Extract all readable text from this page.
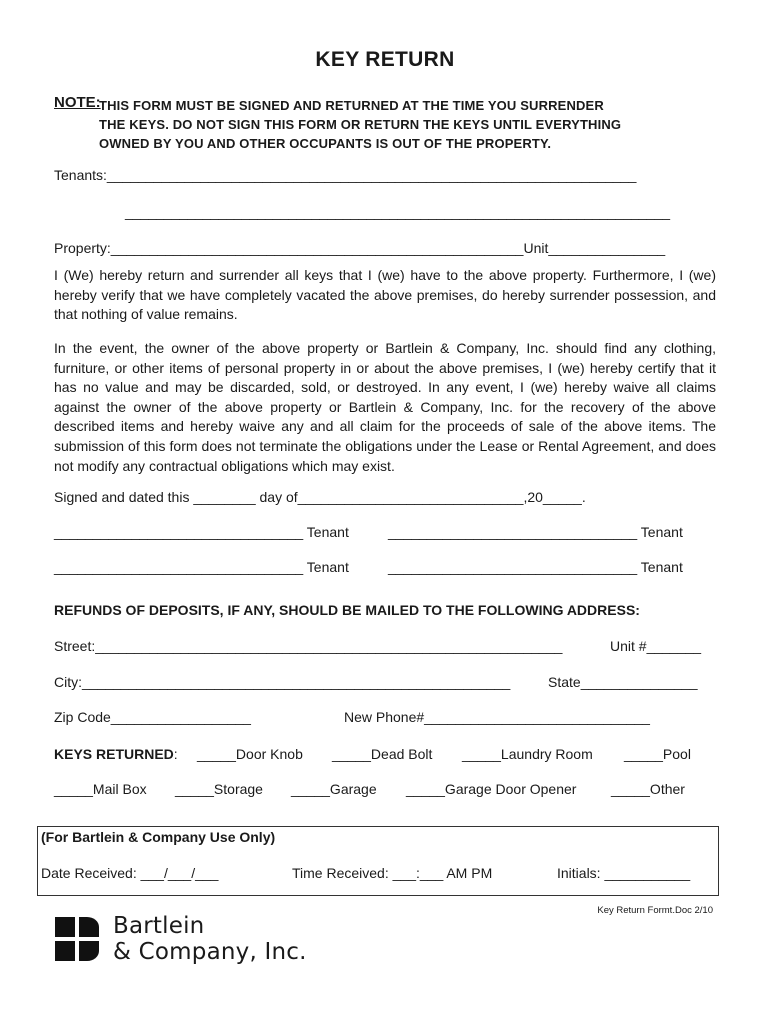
KEY RETURN
NOTE:
THIS FORM MUST BE SIGNED AND RETURNED AT THE TIME YOU SURRENDER
THE KEYS. DO NOT SIGN THIS FORM OR RETURN THE KEYS UNTIL EVERYTHING
OWNED BY YOU AND OTHER OCCUPANTS IS OUT OF THE PROPERTY.
Tenants:____________________________________________________________________
______________________________________________________________________
Property:_____________________________________________________Unit_______________
I (We) hereby return and surrender all keys that I (we) have to the above property. Furthermore, I (we) hereby verify that we have completely vacated the above premises, do hereby surrender possession, and that nothing of value remains.
In the event, the owner of the above property or Bartlein & Company, Inc. should find any clothing, furniture, or other items of personal property in or about the above premises, I (we) hereby certify that it has no value and may be discarded, sold, or destroyed. In any event, I (we) hereby waive all claims against the owner of the above property or Bartlein & Company, Inc. for the recovery of the above described items and hereby waive any and all claim for the proceeds of sale of the above items. The submission of this form does not terminate the obligations under the Lease or Rental Agreement, and does not modify any contractual obligations which may exist.
Signed and dated this ________ day of_____________________________,20_____.
________________________________ Tenant	________________________________ Tenant
________________________________ Tenant	________________________________ Tenant
REFUNDS OF DEPOSITS, IF ANY, SHOULD BE MAILED TO THE FOLLOWING ADDRESS:
Street:____________________________________________________________	Unit #_______
City:_______________________________________________________	State_______________
Zip Code__________________	New Phone#_____________________________
KEYS RETURNED: _____Door Knob _____Dead Bolt _____Laundry Room _____Pool
_____Mail Box _____Storage _____Garage _____Garage Door Opener _____Other
(For Bartlein & Company Use Only)
Date Received: ___/___/___	Time Received: ___:___ AM PM	Initials: ___________
Key Return Formt.Doc 2/10
Bartlein
& Company, Inc.
